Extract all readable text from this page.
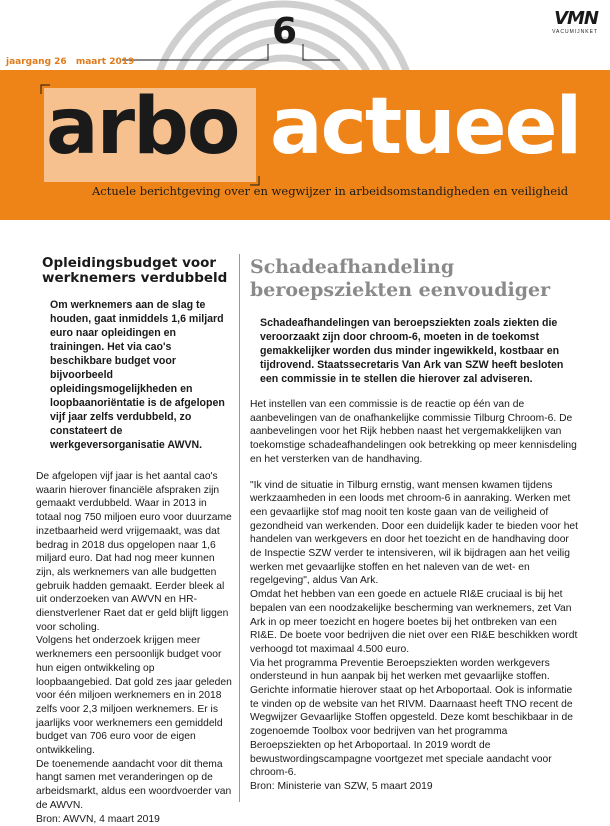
6
jaargang 26 maart 2019
VMN
VACUMIJNKET
arbo actueel
Actuele berichtgeving over en wegwijzer in arbeidsomstandigheden en veiligheid
Opleidingsbudget voor werknemers verdubbeld

Om werknemers aan de slag te houden, gaat inmiddels 1,6 miljard euro naar opleidingen en trainingen. Het via cao's beschikbare budget voor bijvoorbeeld opleidingsmogelijkheden en loopbaanoriëntatie is de afgelopen vijf jaar zelfs verdubbeld, zo constateert de werkgeversorganisatie AWVN.

De afgelopen vijf jaar is het aantal cao's waarin hierover financiële afspraken zijn gemaakt verdubbeld. Waar in 2013 in totaal nog 750 miljoen euro voor duurzame inzetbaarheid werd vrijgemaakt, was dat bedrag in 2018 dus opgelopen naar 1,6 miljard euro. Dat had nog meer kunnen zijn, als werknemers van alle budgetten gebruik hadden gemaakt. Eerder bleek al uit onderzoeken van AWVN en HR-dienstverlener Raet dat er geld blijft liggen voor scholing.
Volgens het onderzoek krijgen meer werknemers een persoonlijk budget voor hun eigen ontwikkeling op loopbaangebied. Dat gold zes jaar geleden voor één miljoen werknemers en in 2018 zelfs voor 2,3 miljoen werknemers. Er is jaarlijks voor werknemers een gemiddeld budget van 706 euro voor de eigen ontwikkeling.
De toenemende aandacht voor dit thema hangt samen met veranderingen op de arbeidsmarkt, aldus een woordvoerder van de AWVN.

Bron: AWVN, 4 maart 2019
Schadeafhandeling beroepsziekten eenvoudiger

Schadeafhandelingen van beroepsziekten zoals ziekten die veroorzaakt zijn door chroom-6, moeten in de toekomst gemakkelijker worden dus minder ingewikkeld, kostbaar en tijdrovend. Staatssecretaris Van Ark van SZW heeft besloten een commissie in te stellen die hierover zal adviseren.

Het instellen van een commissie is de reactie op één van de aanbevelingen van de onafhankelijke commissie Tilburg Chroom-6. De aanbevelingen voor het Rijk hebben naast het vergemakkelijken van toekomstige schadeafhandelingen ook betrekking op meer kennisdeling en het versterken van de handhaving.

"Ik vind de situatie in Tilburg ernstig, want mensen kwamen tijdens werkzaamheden in een loods met chroom-6 in aanraking. Werken met een gevaarlijke stof mag nooit ten koste gaan van de veiligheid of gezondheid van werkenden. Door een duidelijk kader te bieden voor het handelen van werkgevers en door het toezicht en de handhaving door de Inspectie SZW verder te intensiveren, wil ik bijdragen aan het veilig werken met gevaarlijke stoffen en het naleven van de wet- en regelgeving", aldus Van Ark.
Omdat het hebben van een goede en actuele RI&E cruciaal is bij het bepalen van een noodzakelijke bescherming van werknemers, zet Van Ark in op meer toezicht en hogere boetes bij het ontbreken van een RI&E. De boete voor bedrijven die niet over een RI&E beschikken wordt verhoogd tot maximaal 4.500 euro.
Via het programma Preventie Beroepsziekten worden werkgevers ondersteund in hun aanpak bij het werken met gevaarlijke stoffen. Gerichte informatie hierover staat op het Arboportaal. Ook is informatie te vinden op de website van het RIVM. Daarnaast heeft TNO recent de Wegwijzer Gevaarlijke Stoffen opgesteld. Deze komt beschikbaar in de zogenoemde Toolbox voor bedrijven van het programma Beroepsziekten op het Arboportaal. In 2019 wordt de bewustwordingscampagne voortgezet met speciale aandacht voor chroom-6.

Bron: Ministerie van SZW, 5 maart 2019
